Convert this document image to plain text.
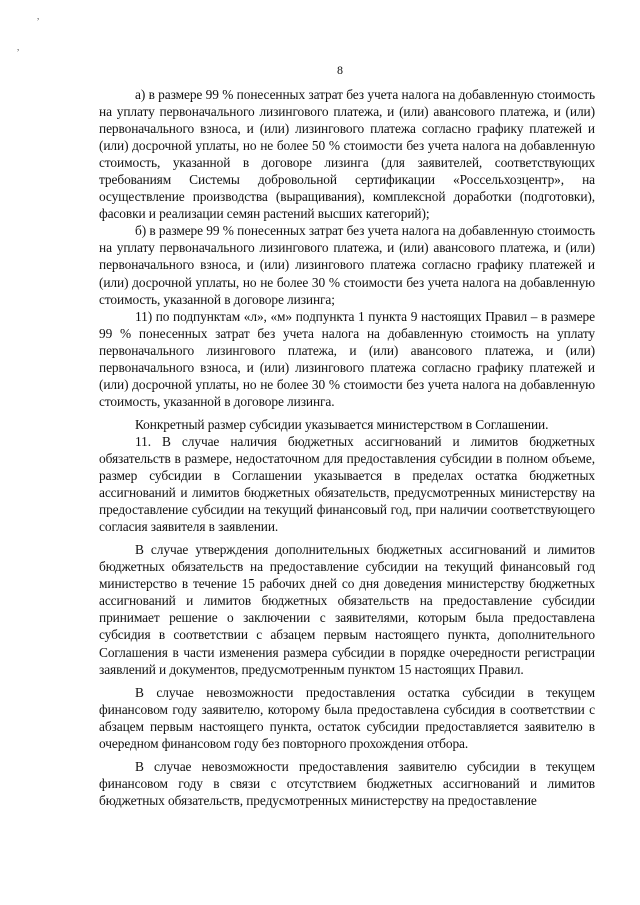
,
,
8

а) в размере 99 % понесенных затрат без учета налога на добавленную стоимость на уплату первоначального лизингового платежа, и (или) авансового платежа, и (или) первоначального взноса, и (или) лизингового платежа согласно графику платежей и (или) досрочной уплаты, но не более 50 % стоимости без учета налога на добавленную стоимость, указанной в договоре лизинга (для заявителей, соответствующих требованиям Системы добровольной сертификации «Россельхозцентр», на осуществление производства (выращивания), комплексной доработки (подготовки), фасовки и реализации семян растений высших категорий);

б) в размере 99 % понесенных затрат без учета налога на добавленную стоимость на уплату первоначального лизингового платежа, и (или) авансового платежа, и (или) первоначального взноса, и (или) лизингового платежа согласно графику платежей и (или) досрочной уплаты, но не более 30 % стоимости без учета налога на добавленную стоимость, указанной в договоре лизинга;

11) по подпунктам «л», «м» подпункта 1 пункта 9 настоящих Правил – в размере 99 % понесенных затрат без учета налога на добавленную стоимость на уплату первоначального лизингового платежа, и (или) авансового платежа, и (или) первоначального взноса, и (или) лизингового платежа согласно графику платежей и (или) досрочной уплаты, но не более 30 % стоимости без учета налога на добавленную стоимость, указанной в договоре лизинга.

Конкретный размер субсидии указывается министерством в Соглашении.

11. В случае наличия бюджетных ассигнований и лимитов бюджетных обязательств в размере, недостаточном для предоставления субсидии в полном объеме, размер субсидии в Соглашении указывается в пределах остатка бюджетных ассигнований и лимитов бюджетных обязательств, предусмотренных министерству на предоставление субсидии на текущий финансовый год, при наличии соответствующего согласия заявителя в заявлении.

В случае утверждения дополнительных бюджетных ассигнований и лимитов бюджетных обязательств на предоставление субсидии на текущий финансовый год министерство в течение 15 рабочих дней со дня доведения министерству бюджетных ассигнований и лимитов бюджетных обязательств на предоставление субсидии принимает решение о заключении с заявителями, которым была предоставлена субсидия в соответствии с абзацем первым настоящего пункта, дополнительного Соглашения в части изменения размера субсидии в порядке очередности регистрации заявлений и документов, предусмотренным пунктом 15 настоящих Правил.

В случае невозможности предоставления остатка субсидии в текущем финансовом году заявителю, которому была предоставлена субсидия в соответствии с абзацем первым настоящего пункта, остаток субсидии предоставляется заявителю в очередном финансовом году без повторного прохождения отбора.

В случае невозможности предоставления заявителю субсидии в текущем финансовом году в связи с отсутствием бюджетных ассигнований и лимитов бюджетных обязательств, предусмотренных министерству на предоставление
